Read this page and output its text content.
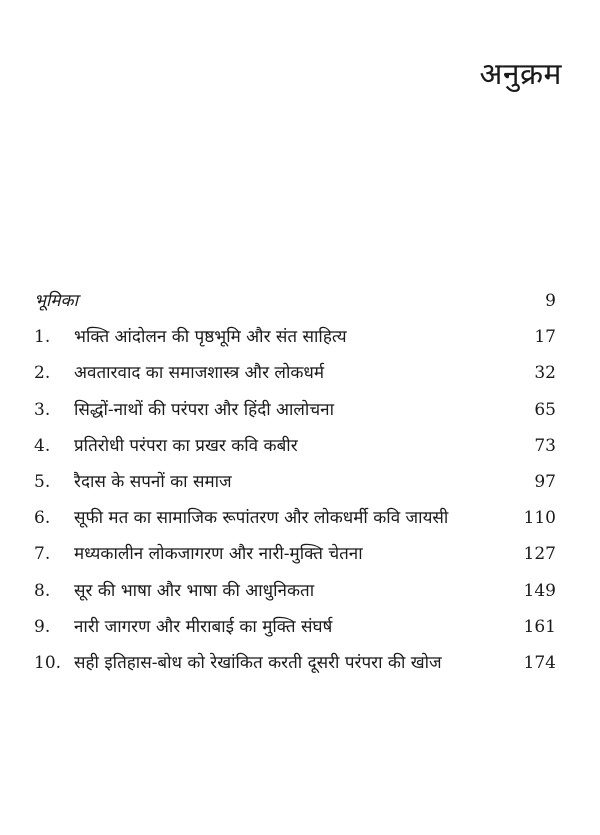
अनुक्रम
भूमिका	9
1.	भक्ति आंदोलन की पृष्ठभूमि और संत साहित्य	17
2.	अवतारवाद का समाजशास्त्र और लोकधर्म	32
3.	सिद्धों-नाथों की परंपरा और हिंदी आलोचना	65
4.	प्रतिरोधी परंपरा का प्रखर कवि कबीर	73
5.	रैदास के सपनों का समाज	97
6.	सूफी मत का सामाजिक रूपांतरण और लोकधर्मी कवि जायसी	110
7.	मध्यकालीन लोकजागरण और नारी-मुक्ति चेतना	127
8.	सूर की भाषा और भाषा की आधुनिकता	149
9.	नारी जागरण और मीराबाई का मुक्ति संघर्ष	161
10. सही इतिहास-बोध को रेखांकित करती दूसरी परंपरा की खोज	174
